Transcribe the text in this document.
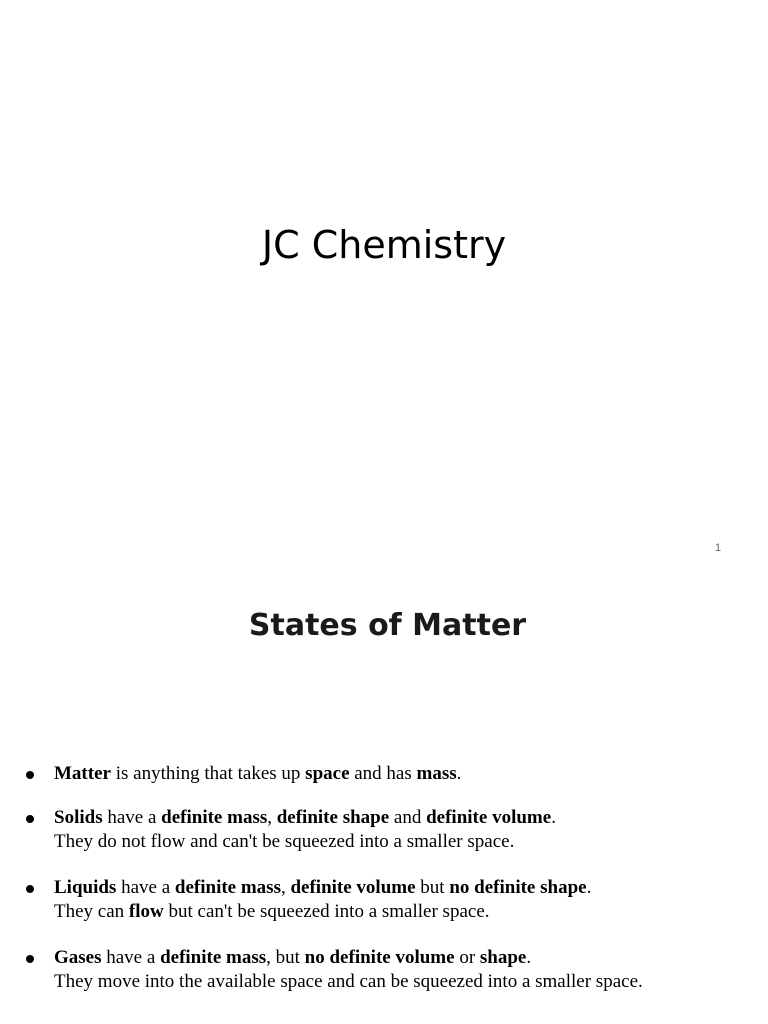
JC Chemistry
1
States of Matter
Matter is anything that takes up space and has mass.
Solids have a definite mass, definite shape and definite volume.
They do not flow and can't be squeezed into a smaller space.
Liquids have a definite mass, definite volume but no definite shape.
They can flow but can't be squeezed into a smaller space.
Gases have a definite mass, but no definite volume or shape.
They move into the available space and can be squeezed into a smaller space.
